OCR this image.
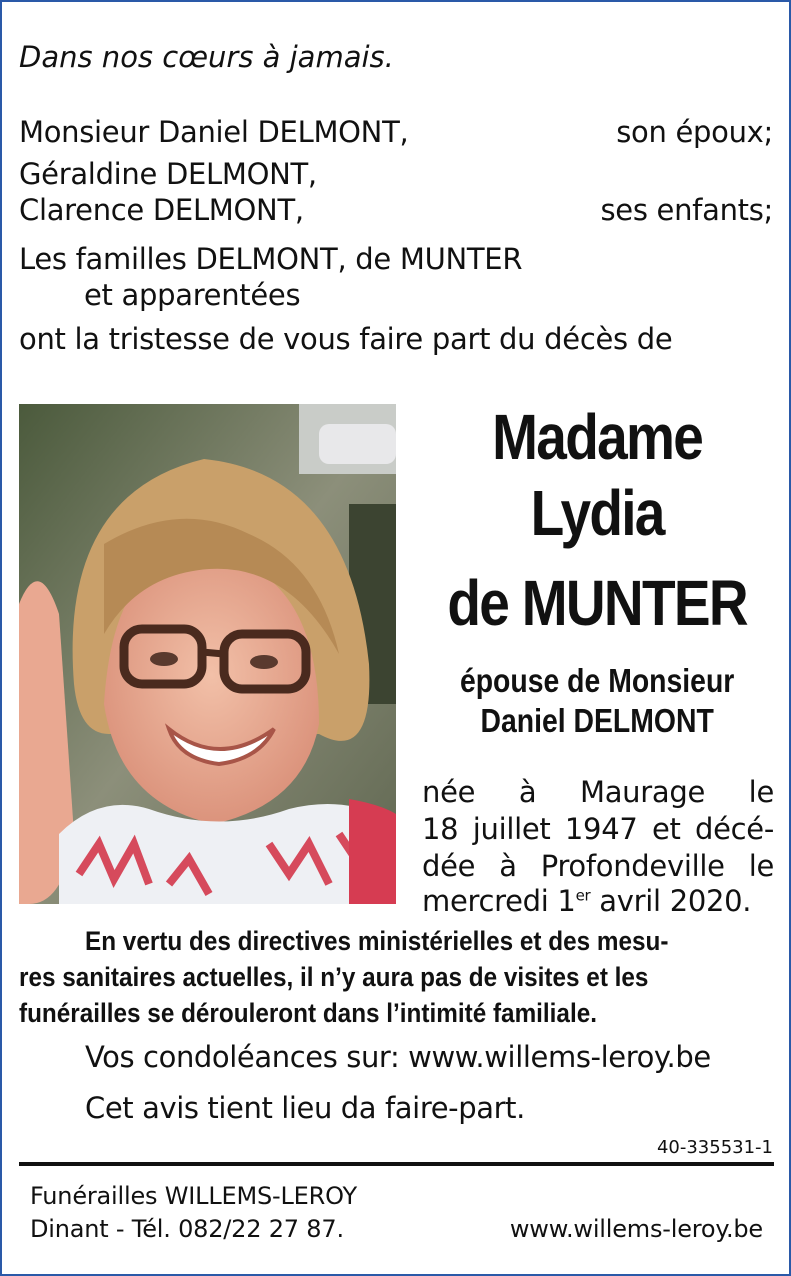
Dans nos cœurs à jamais.
Monsieur Daniel DELMONT,	son époux;
Géraldine DELMONT,
Clarence DELMONT,	ses enfants;
Les familles DELMONT, de MUNTER
et apparentées
ont la tristesse de vous faire part du décès de
Madame
Lydia
de MUNTER
épouse de Monsieur
Daniel DELMONT
née à Maurage le
18 juillet 1947 et décé-
dée à Profondeville le
mercredi 1er avril 2020.
En vertu des directives ministérielles et des mesu-
res sanitaires actuelles, il n’y aura pas de visites et les
funérailles se dérouleront dans l’intimité familiale.
Vos condoléances sur: www.willems-leroy.be
Cet avis tient lieu da faire-part.
40-335531-1
Funérailles WILLEMS-LEROY
Dinant - Tél. 082/22 27 87.	www.willems-leroy.be
